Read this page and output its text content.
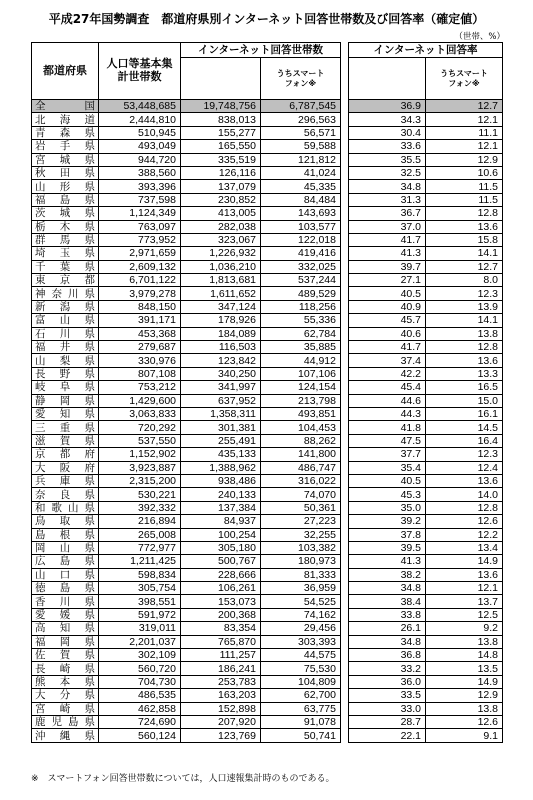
平成27年国勢調査　都道府県別インターネット回答世帯数及び回答率（確定値）
（世帯、%）
都道府県	人口等基本集計世帯数	インターネット回答世帯数			インターネット回答率	
			うちスマートフォン※			うちスマートフォン※
全国	53,448,685	19,748,756	6,787,545		36.9	12.7
北海道	2,444,810	838,013	296,563		34.3	12.1
青森県	510,945	155,277	56,571		30.4	11.1
岩手県	493,049	165,550	59,588		33.6	12.1
宮城県	944,720	335,519	121,812		35.5	12.9
秋田県	388,560	126,116	41,024		32.5	10.6
山形県	393,396	137,079	45,335		34.8	11.5
福島県	737,598	230,852	84,484		31.3	11.5
茨城県	1,124,349	413,005	143,693		36.7	12.8
栃木県	763,097	282,038	103,577		37.0	13.6
群馬県	773,952	323,067	122,018		41.7	15.8
埼玉県	2,971,659	1,226,932	419,416		41.3	14.1
千葉県	2,609,132	1,036,210	332,025		39.7	12.7
東京都	6,701,122	1,813,681	537,244		27.1	8.0
神奈川県	3,979,278	1,611,652	489,529		40.5	12.3
新潟県	848,150	347,124	118,256		40.9	13.9
富山県	391,171	178,926	55,336		45.7	14.1
石川県	453,368	184,089	62,784		40.6	13.8
福井県	279,687	116,503	35,885		41.7	12.8
山梨県	330,976	123,842	44,912		37.4	13.6
長野県	807,108	340,250	107,106		42.2	13.3
岐阜県	753,212	341,997	124,154		45.4	16.5
静岡県	1,429,600	637,952	213,798		44.6	15.0
愛知県	3,063,833	1,358,311	493,851		44.3	16.1
三重県	720,292	301,381	104,453		41.8	14.5
滋賀県	537,550	255,491	88,262		47.5	16.4
京都府	1,152,902	435,133	141,800		37.7	12.3
大阪府	3,923,887	1,388,962	486,747		35.4	12.4
兵庫県	2,315,200	938,486	316,022		40.5	13.6
奈良県	530,221	240,133	74,070		45.3	14.0
和歌山県	392,332	137,384	50,361		35.0	12.8
鳥取県	216,894	84,937	27,223		39.2	12.6
島根県	265,008	100,254	32,255		37.8	12.2
岡山県	772,977	305,180	103,382		39.5	13.4
広島県	1,211,425	500,767	180,973		41.3	14.9
山口県	598,834	228,666	81,333		38.2	13.6
徳島県	305,754	106,261	36,959		34.8	12.1
香川県	398,551	153,073	54,525		38.4	13.7
愛媛県	591,972	200,368	74,162		33.8	12.5
高知県	319,011	83,354	29,456		26.1	9.2
福岡県	2,201,037	765,870	303,393		34.8	13.8
佐賀県	302,109	111,257	44,575		36.8	14.8
長崎県	560,720	186,241	75,530		33.2	13.5
熊本県	704,730	253,783	104,809		36.0	14.9
大分県	486,535	163,203	62,700		33.5	12.9
宮崎県	462,858	152,898	63,775		33.0	13.8
鹿児島県	724,690	207,920	91,078		28.7	12.6
沖縄県	560,124	123,769	50,741		22.1	9.1
※　スマートフォン回答世帯数については，人口速報集計時のものである。
